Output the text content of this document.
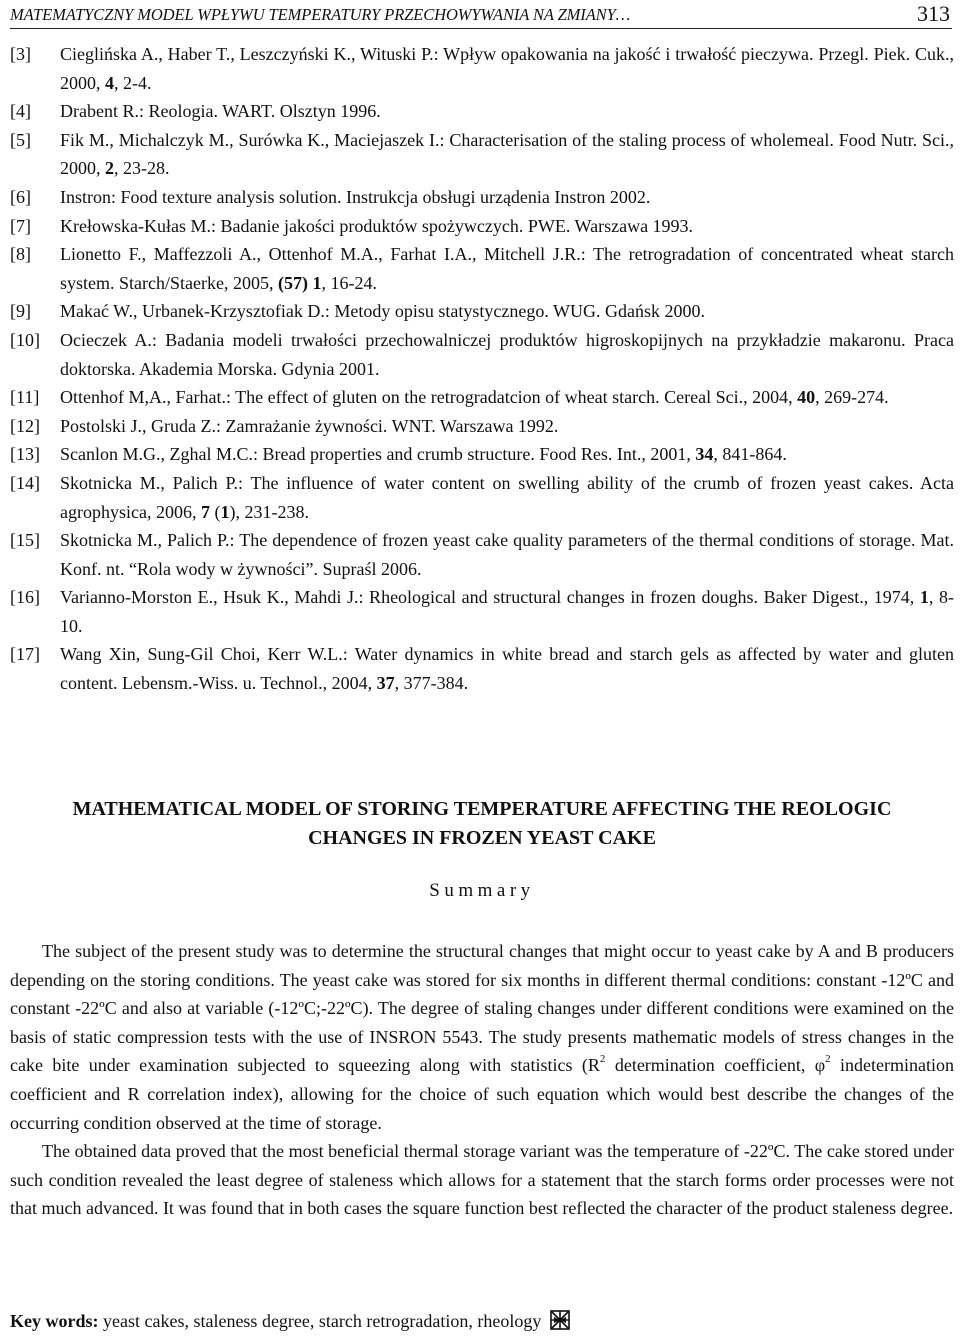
MATEMATYCZNY MODEL WPŁYWU TEMPERATURY PRZECHOWYWANIA NA ZMIANY…	313
[3]	Cieglińska A., Haber T., Leszczyński K., Wituski P.: Wpływ opakowania na jakość i trwałość pieczywa. Przegl. Piek. Cuk., 2000, 4, 2-4.
[4]	Drabent R.: Reologia. WART. Olsztyn 1996.
[5]	Fik M., Michalczyk M., Surówka K., Maciejaszek I.: Characterisation of the staling process of wholemeal. Food Nutr. Sci., 2000, 2, 23-28.
[6]	Instron: Food texture analysis solution. Instrukcja obsługi urządenia Instron 2002.
[7]	Krełowska-Kułas M.: Badanie jakości produktów spożywczych. PWE. Warszawa 1993.
[8]	Lionetto F., Maffezzoli A., Ottenhof M.A., Farhat I.A., Mitchell J.R.: The retrogradation of concentrated wheat starch system. Starch/Staerke, 2005, (57) 1, 16-24.
[9]	Makać W., Urbanek-Krzysztofiak D.: Metody opisu statystycznego. WUG. Gdańsk 2000.
[10]	Ocieczek A.: Badania modeli trwałości przechowalniczej produktów higroskopijnych na przykładzie makaronu. Praca doktorska. Akademia Morska. Gdynia 2001.
[11]	Ottenhof M,A., Farhat.: The effect of gluten on the retrogradatcion of wheat starch. Cereal Sci., 2004, 40, 269-274.
[12]	Postolski J., Gruda Z.: Zamrażanie żywności. WNT. Warszawa 1992.
[13]	Scanlon M.G., Zghal M.C.: Bread properties and crumb structure. Food Res. Int., 2001, 34, 841-864.
[14]	Skotnicka M., Palich P.: The influence of water content on swelling ability of the crumb of frozen yeast cakes. Acta agrophysica, 2006, 7 (1), 231-238.
[15]	Skotnicka M., Palich P.: The dependence of frozen yeast cake quality parameters of the thermal conditions of storage. Mat. Konf. nt. “Rola wody w żywności”. Supraśl 2006.
[16]	Varianno-Morston E., Hsuk K., Mahdi J.: Rheological and structural changes in frozen doughs. Baker Digest., 1974, 1, 8-10.
[17]	Wang Xin, Sung-Gil Choi, Kerr W.L.: Water dynamics in white bread and starch gels as affected by water and gluten content. Lebensm.-Wiss. u. Technol., 2004, 37, 377-384.
MATHEMATICAL MODEL OF STORING TEMPERATURE AFFECTING THE REOLOGIC
CHANGES IN FROZEN YEAST CAKE
Summary

The subject of the present study was to determine the structural changes that might occur to yeast cake by A and B producers depending on the storing conditions. The yeast cake was stored for six months in different thermal conditions: constant -12ºC and constant -22ºC and also at variable (-12ºC;-22ºC). The degree of staling changes under different conditions were examined on the basis of static compression tests with the use of INSRON 5543. The study presents mathematic models of stress changes in the cake bite under examination subjected to squeezing along with statistics ($R^2$ determination coefficient, $\varphi^2$ indetermination coefficient and R correlation index), allowing for the choice of such equation which would best describe the changes of the occurring condition observed at the time of storage.

The obtained data proved that the most beneficial thermal storage variant was the temperature of -22ºC. The cake stored under such condition revealed the least degree of staleness which allows for a statement that the starch forms order processes were not that much advanced. It was found that in both cases the square function best reflected the character of the product staleness degree.

Key words: yeast cakes, staleness degree, starch retrogradation, rheology
